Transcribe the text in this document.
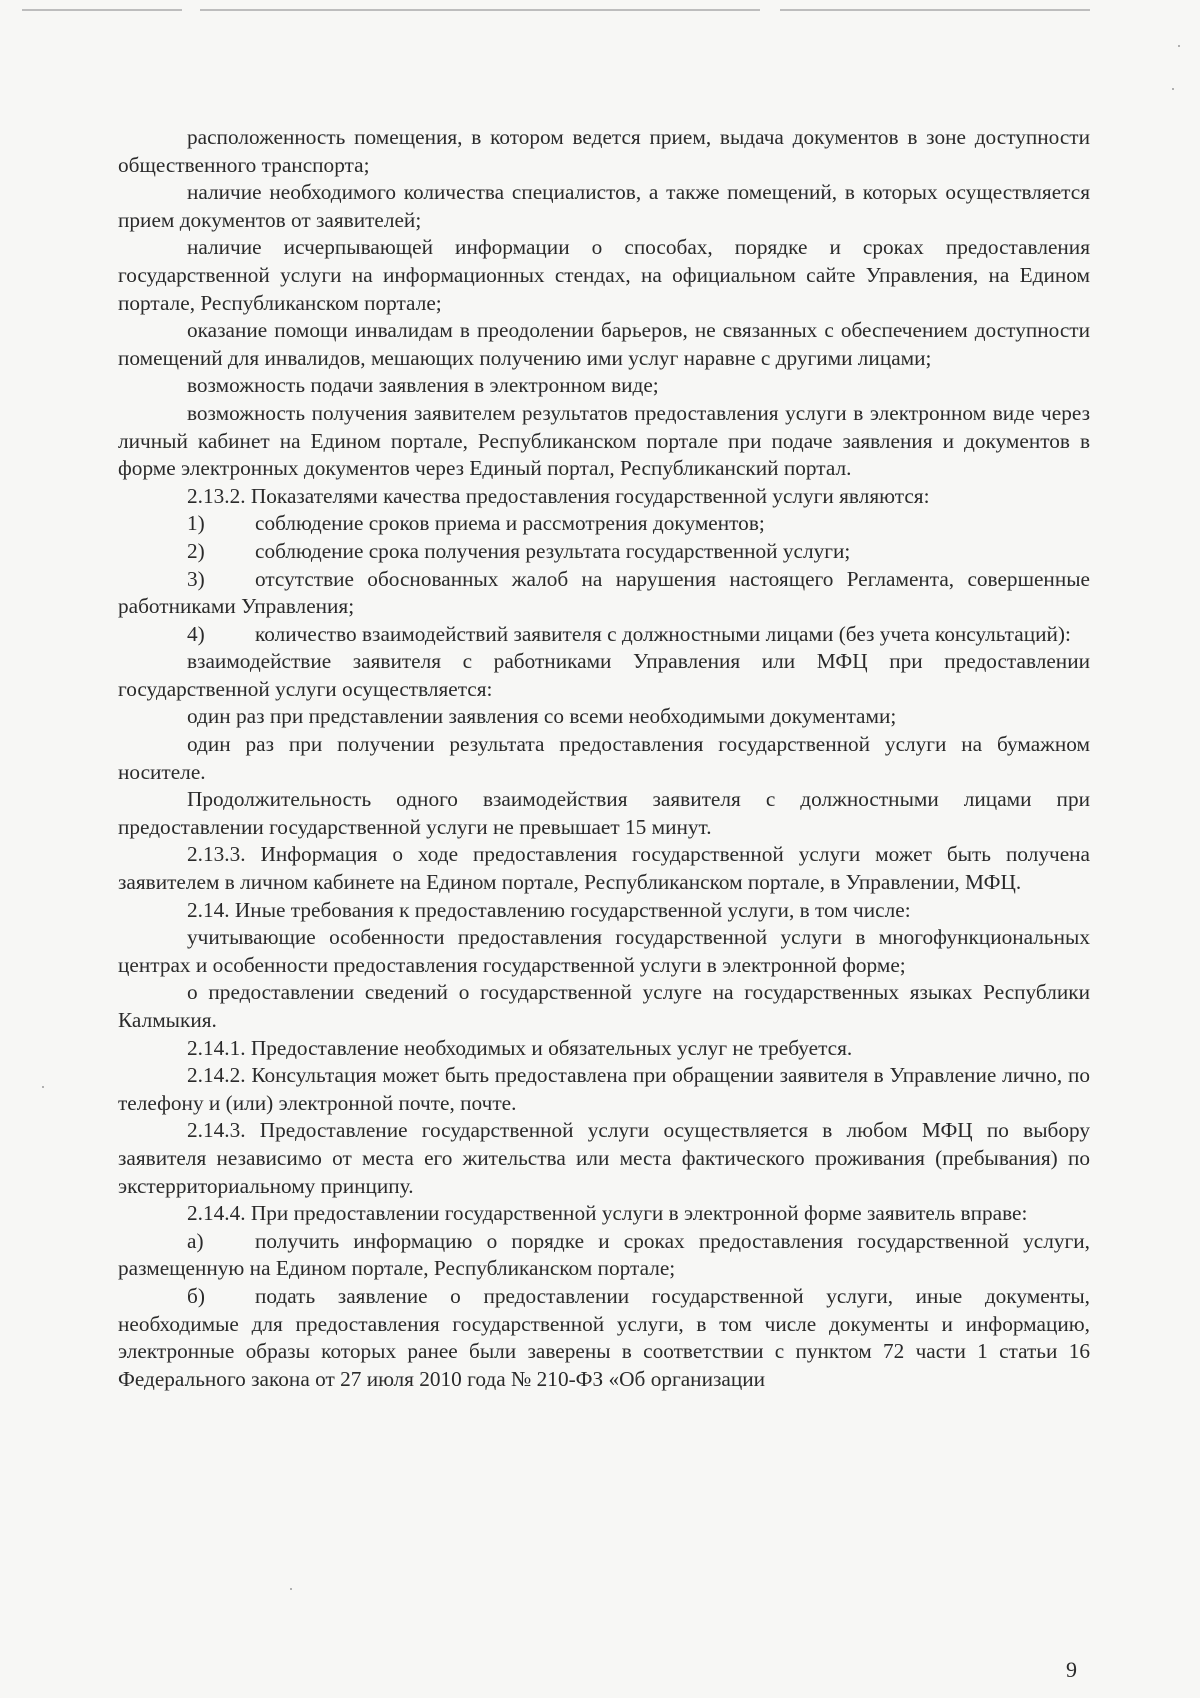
расположенность помещения, в котором ведется прием, выдача документов в зоне доступности общественного транспорта;

наличие необходимого количества специалистов, а также помещений, в которых осуществляется прием документов от заявителей;

наличие исчерпывающей информации о способах, порядке и сроках предоставления государственной услуги на информационных стендах, на официальном сайте Управления, на Едином портале, Республиканском портале;

оказание помощи инвалидам в преодолении барьеров, не связанных с обеспечением доступности помещений для инвалидов, мешающих получению ими услуг наравне с другими лицами;

возможность подачи заявления в электронном виде;

возможность получения заявителем результатов предоставления услуги в электронном виде через личный кабинет на Едином портале, Республиканском портале при подаче заявления и документов в форме электронных документов через Единый портал, Республиканский портал.

2.13.2. Показателями качества предоставления государственной услуги являются:

1) соблюдение сроков приема и рассмотрения документов;

2) соблюдение срока получения результата государственной услуги;

3) отсутствие обоснованных жалоб на нарушения настоящего Регламента, совершенные работниками Управления;

4) количество взаимодействий заявителя с должностными лицами (без учета консультаций):

взаимодействие заявителя с работниками Управления или МФЦ при предоставлении государственной услуги осуществляется:

один раз при представлении заявления со всеми необходимыми документами;

один раз при получении результата предоставления государственной услуги на бумажном носителе.

Продолжительность одного взаимодействия заявителя с должностными лицами при предоставлении государственной услуги не превышает 15 минут.

2.13.3. Информация о ходе предоставления государственной услуги может быть получена заявителем в личном кабинете на Едином портале, Республиканском портале, в Управлении, МФЦ.

2.14. Иные требования к предоставлению государственной услуги, в том числе:

учитывающие особенности предоставления государственной услуги в многофункциональных центрах и особенности предоставления государственной услуги в электронной форме;

о предоставлении сведений о государственной услуге на государственных языках Республики Калмыкия.

2.14.1. Предоставление необходимых и обязательных услуг не требуется.

2.14.2. Консультация может быть предоставлена при обращении заявителя в Управление лично, по телефону и (или) электронной почте, почте.

2.14.3. Предоставление государственной услуги осуществляется в любом МФЦ по выбору заявителя независимо от места его жительства или места фактического проживания (пребывания) по экстерриториальному принципу.

2.14.4. При предоставлении государственной услуги в электронной форме заявитель вправе:

а) получить информацию о порядке и сроках предоставления государственной услуги, размещенную на Едином портале, Республиканском портале;

б) подать заявление о предоставлении государственной услуги, иные документы, необходимые для предоставления государственной услуги, в том числе документы и информацию, электронные образы которых ранее были заверены в соответствии с пунктом 72 части 1 статьи 16 Федерального закона от 27 июля 2010 года № 210-ФЗ «Об организации

9
